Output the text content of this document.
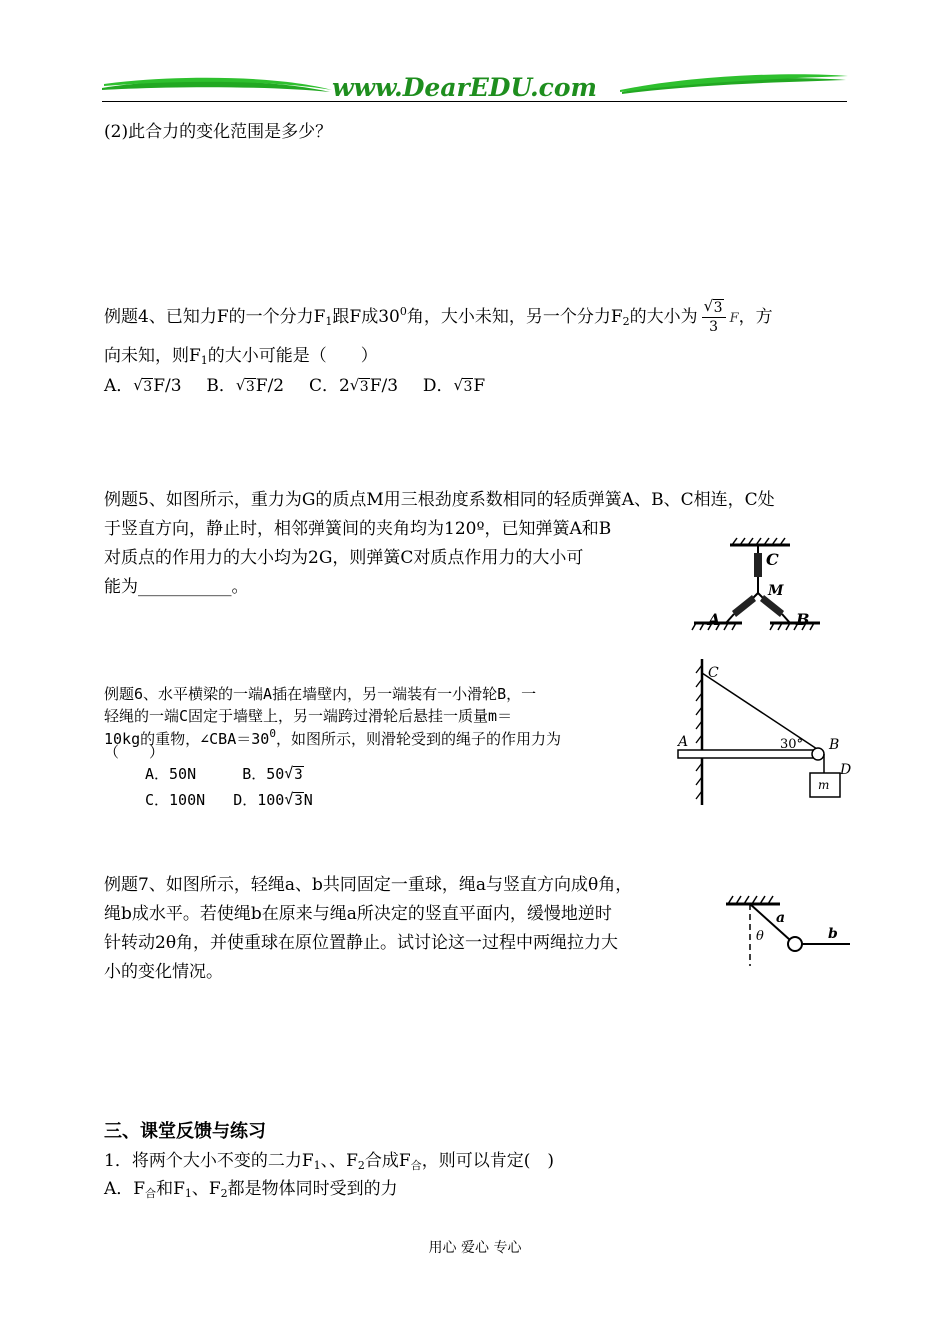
www.DearEDU.com
(2)此合力的变化范围是多少？
例题4、已知力F的一个分力$F_1$跟F成$30^0$角，大小未知，另一个分力$F_2$的大小为 √ $\frac{3}{3}$ F，方
向未知，则$F_1$的大小可能是（　　）
A． √ 3F/3 B． √ 3F/2 C．2 √ 3F/3 D． √ 3F
例题5、如图所示，重力为G的质点M用三根劲度系数相同的轻质弹簧A、B、C相连，C处
于竖直方向，静止时，相邻弹簧间的夹角均为120º，已知弹簧A和B
对质点的作用力的大小均为2G，则弹簧C对质点作用力的大小可
能为___________。
C
M
A	B
例题6、水平横梁的一端A插在墙壁内，另一端装有一小滑轮B，一
轻绳的一端C固定于墙壁上，另一端跨过滑轮后悬挂一质量m＝
10kg的重物，$\angle CBA=30^0$，如图所示，则滑轮受到的绳子的作用力为
（　　）
A．50N	B．50 √ 3
C．100N D．100 √ 3N
C
A	30° B
D
m
例题7、如图所示，轻绳a、b共同固定一重球，绳a与竖直方向成θ角，
绳b成水平。若使绳b在原来与绳a所决定的竖直平面内，缓慢地逆时
针转动2θ角，并使重球在原位置静止。试讨论这一过程中两绳拉力大
小的变化情况。
a
b
θ
三、课堂反馈与练习
1．将两个大小不变的二力$F_1$、、$F_2$合成$F_合$，则可以肯定(　)
A．$F_合$和$F_1$、$F_2$都是物体同时受到的力
用心 爱心 专心
